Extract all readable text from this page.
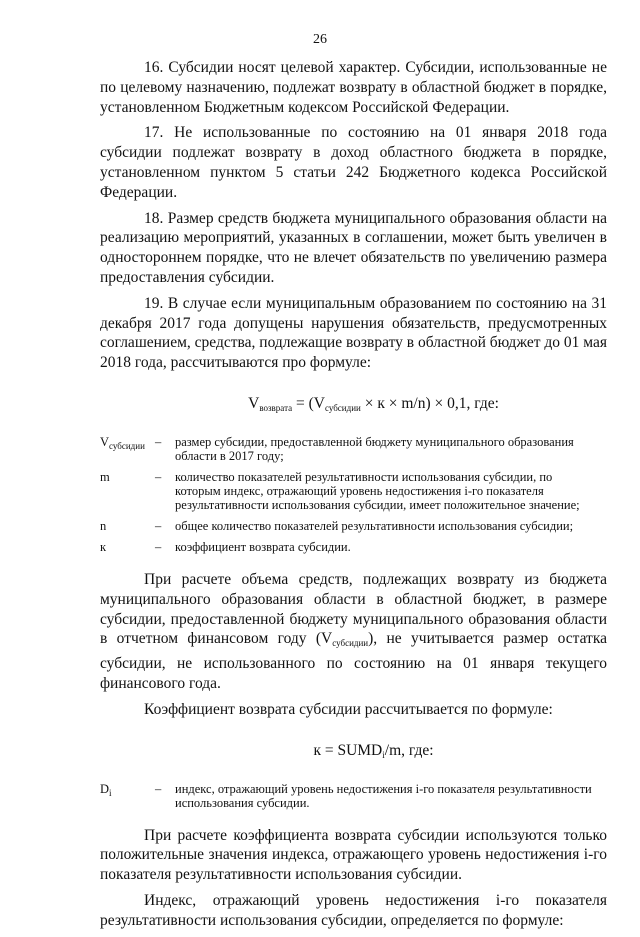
26

16. Субсидии носят целевой характер. Субсидии, использованные не по целевому назначению, подлежат возврату в областной бюджет в порядке, установленном Бюджетным кодексом Российской Федерации.

17. Не использованные по состоянию на 01 января 2018 года субсидии подлежат возврату в доход областного бюджета в порядке, установленном пунктом 5 статьи 242 Бюджетного кодекса Российской Федерации.

18. Размер средств бюджета муниципального образования области на реализацию мероприятий, указанных в соглашении, может быть увеличен в одностороннем порядке, что не влечет обязательств по увеличению размера предоставления субсидии.

19. В случае если муниципальным образованием по состоянию на 31 декабря 2017 года допущены нарушения обязательств, предусмотренных соглашением, средства, подлежащие возврату в областной бюджет до 01 мая 2018 года, рассчитываются про формуле:

$V_{возврата} = (V_{субсидии} \times к \times m/n) \times 0,1$, где:
$V_{субсидии}$ –	размер субсидии, предоставленной бюджету муниципального образования области в 2017 году;
m	–	количество показателей результативности использования субсидии, по которым индекс, отражающий уровень недостижения i-го показателя результативности использования субсидии, имеет положительное значение;
n	–	общее количество показателей результативности использования субсидии;
к	–	коэффициент возврата субсидии.

При расчете объема средств, подлежащих возврату из бюджета муниципального образования области в областной бюджет, в размере субсидии, предоставленной бюджету муниципального образования области в отчетном финансовом году $(V_{субсидии})$, не учитывается размер остатка субсидии, не использованного по состоянию на 01 января текущего финансового года.

Коэффициент возврата субсидии рассчитывается по формуле:

$к = SUMD_i/m$, где:
$D_i$	–	индекс, отражающий уровень недостижения i-го показателя результативности использования субсидии.

При расчете коэффициента возврата субсидии используются только положительные значения индекса, отражающего уровень недостижения i-го показателя результативности использования субсидии.

Индекс, отражающий уровень недостижения i-го показателя результативности использования субсидии, определяется по формуле:
